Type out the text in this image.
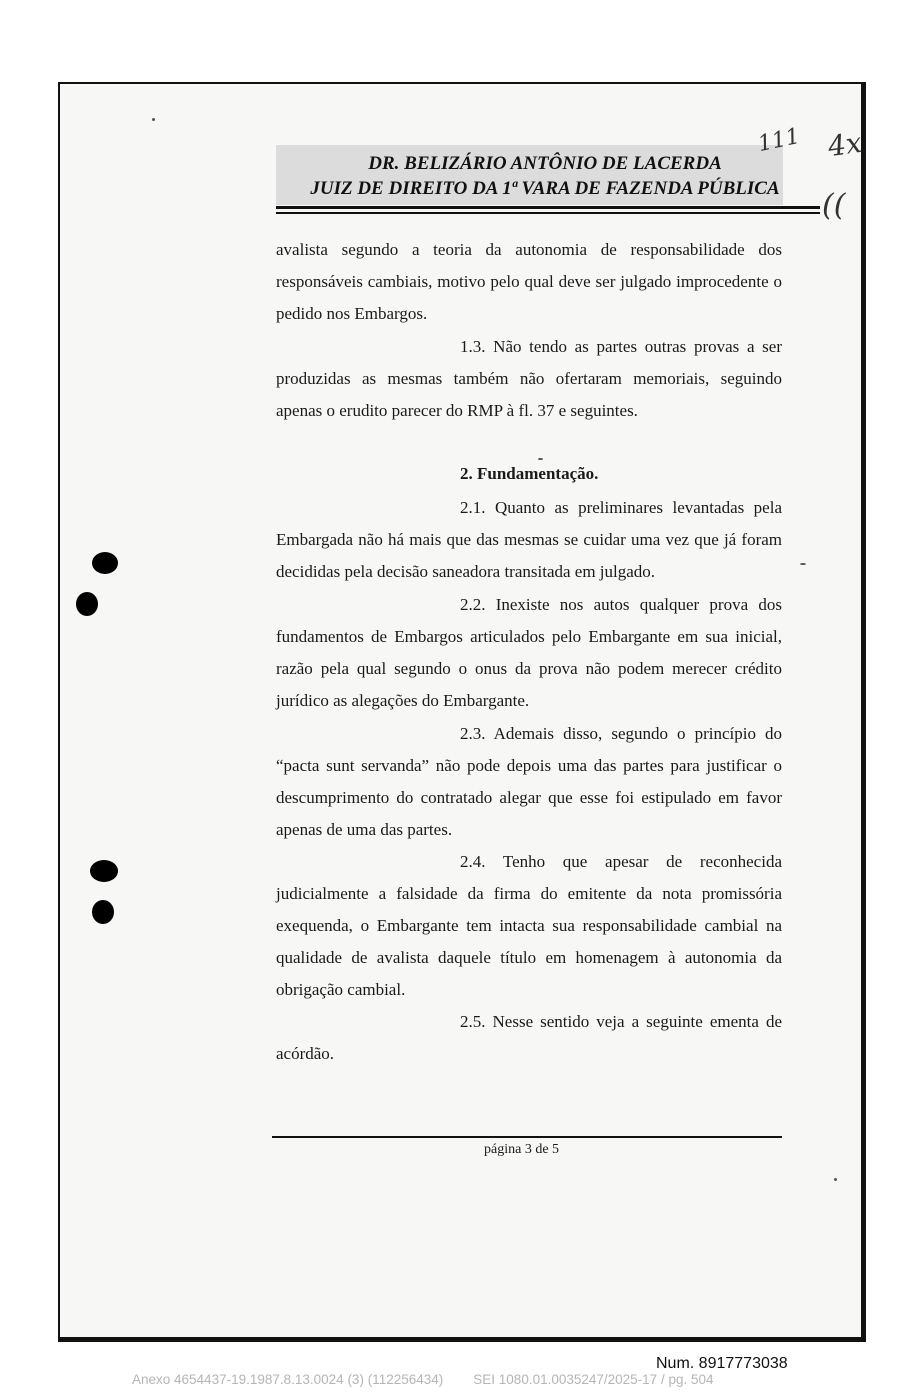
DR. BELIZÁRIO ANTÔNIO DE LACERDA
JUIZ DE DIREITO DA 1ª VARA DE FAZENDA PÚBLICA
111 4x
((

avalista segundo a teoria da autonomia de responsabilidade dos responsáveis cambiais, motivo pelo qual deve ser julgado improcedente o pedido nos Embargos.

1.3. Não tendo as partes outras provas a ser produzidas as mesmas também não ofertaram memoriais, seguindo apenas o erudito parecer do RMP à fl. 37 e seguintes.

2. Fundamentação.

2.1. Quanto as preliminares levantadas pela Embargada não há mais que das mesmas se cuidar uma vez que já foram decididas pela decisão saneadora transitada em julgado.

2.2. Inexiste nos autos qualquer prova dos fundamentos de Embargos articulados pelo Embargante em sua inicial, razão pela qual segundo o onus da prova não podem merecer crédito jurídico as alegações do Embargante.

2.3. Ademais disso, segundo o princípio do “pacta sunt servanda” não pode depois uma das partes para justificar o descumprimento do contratado alegar que esse foi estipulado em favor apenas de uma das partes.

2.4. Tenho que apesar de reconhecida judicialmente a falsidade da firma do emitente da nota promissória exequenda, o Embargante tem intacta sua responsabilidade cambial na qualidade de avalista daquele título em homenagem à autonomia da obrigação cambial.

2.5. Nesse sentido veja a seguinte ementa de acórdão.

página 3 de 5
Num. 8917773038
Anexo 4654437-19.1987.8.13.0024 (3) (112256434) SEI 1080.01.0035247/2025-17 / pg. 504
